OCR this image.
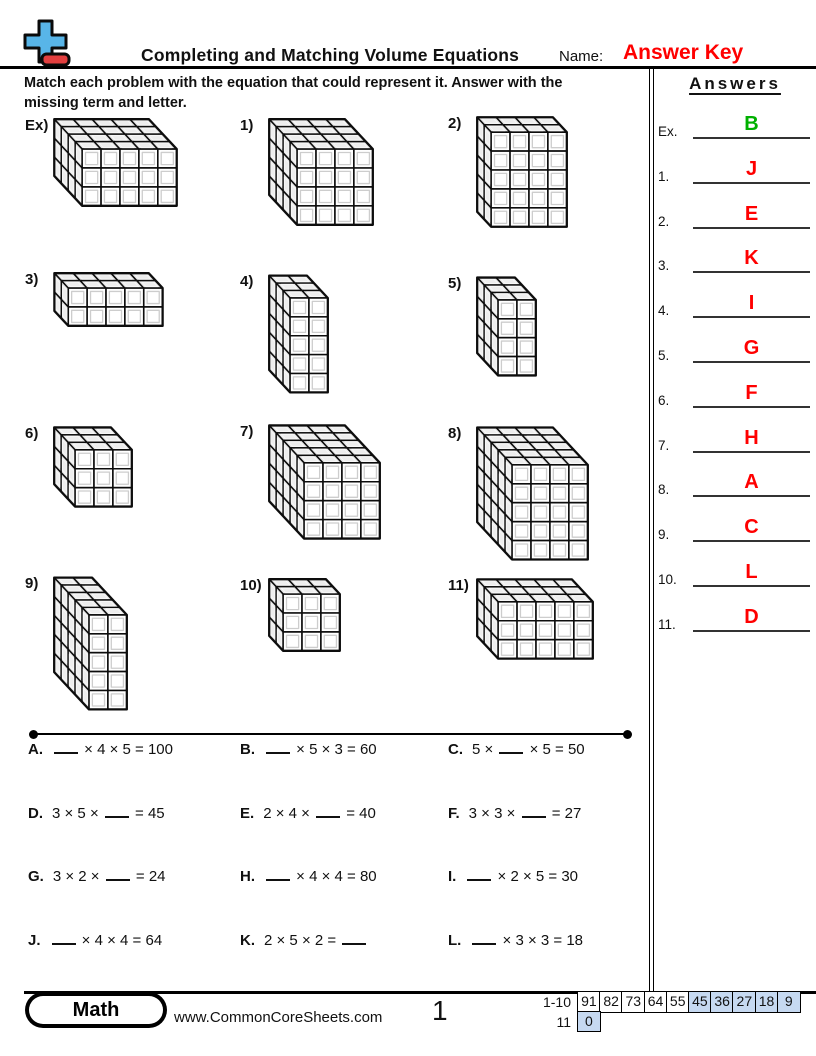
Completing and Matching Volume Equations	Name: Answer Key
Match each problem with the equation that could represent it. Answer with the
missing term and letter.
Answers
Ex.	B
1.	J
2.	E
3.	K
4.	I
5.	G
6.	F
7.	H
8.	A
9.	C
10.	L
11.	D
Ex)	1)	2)
3)	4)	5)
6)	7)	8)
9)	10)	11)
A. × 4 × 5 = 100	B. × 5 × 3 = 60	C. 5 ×  × 5 = 50
D. 3 × 5 ×  = 45	E. 2 × 4 ×  = 40	F. 3 × 3 ×  = 27
G. 3 × 2 ×  = 24	H. × 4 × 4 = 80	I. × 2 × 5 = 30
J. × 4 × 4 = 64	K. 2 × 5 × 2 =	L. × 3 × 3 = 18
Math	www.CommonCoreSheets.com 1	1-10 91 82 73 64 55 45 36 27 18 9
11	0
